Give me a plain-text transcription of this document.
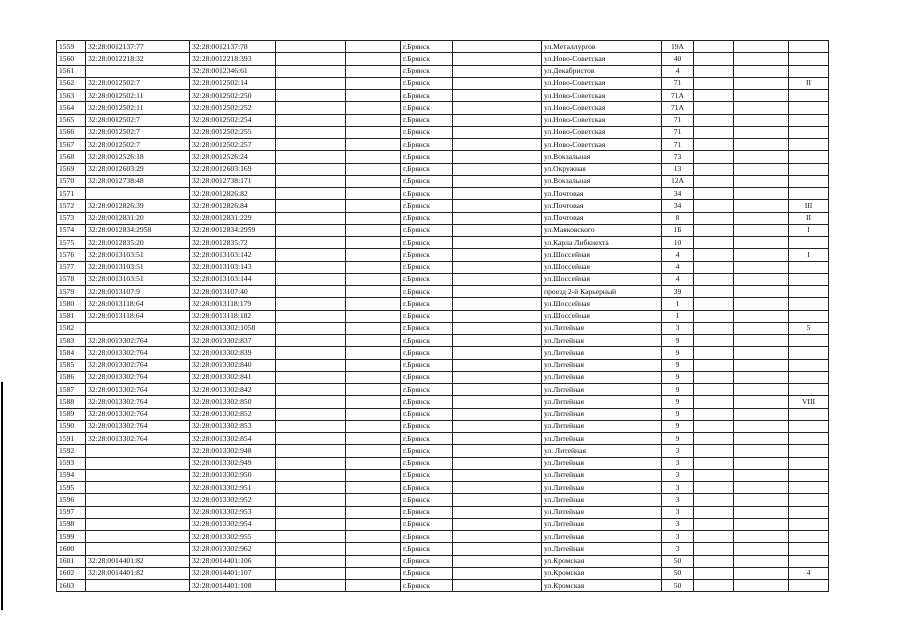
1559	32:28:0012137:77	32:28:0012137:78			г.Брянск		ул.Металлургов	19А			
1560	32:28:0012218:32	32:28:0012218:393			г.Брянск		ул.Ново-Советская	40			
1561		32:28:0012346:61			г.Брянск		ул.Декабристов	4			
1562	32:28:0012502:7	32:28:0012502:14			г.Брянск		ул.Ново-Советская	71			II
1563	32:28:0012502:11	32:28:0012502:250			г.Брянск		ул.Ново-Советская	71А			
1564	32:28:0012502:11	32:28:0012502:252			г.Брянск		ул.Ново-Советская	71А			
1565	32:28:0012502:7	32:28:0012502:254			г.Брянск		ул.Ново-Советская	71			
1566	32:28:0012502:7	32:28:0012502:255			г.Брянск		ул.Ново-Советская	71			
1567	32:28:0012502:7	32:28:0012502:257			г.Брянск		ул.Ново-Советская	71			
1568	32:28:0012526:18	32:28:0012526:24			г.Брянск		ул.Вокзальная	73			
1569	32:28:0012603:29	32:28:0012603:169			г.Брянск		ул.Окружная	13			
1570	32:28:0012738:48	32:28:0012738:171			г.Брянск		ул.Вокзальная	12А			
1571		32:28:0012826:82			г.Брянск		ул.Почтовая	34			
1572	32:28:0012826:39	32:28:0012826:84			г.Брянск		ул.Почтовая	34			III
1573	32:28:0012831:20	32:28:0012831:229			г.Брянск		ул.Почтовая	8			II
1574	32:28:0012834:2958	32:28:0012834:2959			г.Брянск		ул.Маяковского	1Б			I
1575	32:28:0012835:20	32:28:0012835:72			г.Брянск		ул.Карла Либкнехта	10			
1576	32:28:0013103:51	32:28:0013103:142			г.Брянск		ул.Шоссейная	4			I
1577	32:28:0013103:51	32:28:0013103:143			г.Брянск		ул.Шоссейная	4			
1578	32:28:0013103:51	32:28:0013103:144			г.Брянск		ул.Шоссейная	4			
1579	32:28:0013107:9	32:28:0013107:40			г.Брянск		проезд 2-й Карьерный	39			
1580	32:28:0013118:64	32:28:0013118:179			г.Брянск		ул.Шоссейная	1			
1581	32:28:0013118:64	32:28:0013118:182			г.Брянск		ул.Шоссейная	1			
1582		32:28:0013302:1058			г.Брянск		ул.Литейная	3			5
1583	32:28:0013302:764	32:28:0013302:837			г.Брянск		ул.Литейная	9			
1584	32:28:0013302:764	32:28:0013302:839			г.Брянск		ул.Литейная	9			
1585	32:28:0013302:764	32:28:0013302:840			г.Брянск		ул.Литейная	9			
1586	32:28:0013302:764	32:28:0013302:841			г.Брянск		ул.Литейная	9			
1587	32:28:0013302:764	32:28:0013302:842			г.Брянск		ул.Литейная	9			
1588	32:28:0013302:764	32:28:0013302:850			г.Брянск		ул.Литейная	9			VIII
1589	32:28:0013302:764	32:28:0013302:852			г.Брянск		ул.Литейная	9			
1590	32:28:0013302:764	32:28:0013302:853			г.Брянск		ул.Литейная	9			
1591	32:28:0013302:764	32:28:0013302:854			г.Брянск		ул.Литейная	9			
1592		32:28:0013302:948			г.Брянск		ул. Литейная	3			
1593		32:28:0013302:949			г.Брянск		ул.Литейная	3			
1594		32:28:0013302:950			г.Брянск		ул.Литейная	3			
1595		32:28:0013302:951			г.Брянск		ул.Литейная	3			
1596		32:28:0013302:952			г.Брянск		ул.Литейная	3			
1597		32:28:0013302:953			г.Брянск		ул.Литейная	3			
1598		32:28:0013302:954			г.Брянск		ул.Литейная	3			
1599		32:28:0013302:955			г.Брянск		ул.Литейная	3			
1600		32:28:0013302:962			г.Брянск		ул.Литейная	3			
1601	32:28:0014401:82	32:28:0014401:106			г.Брянск		ул.Кромская	50			
1602	32:28:0014401:82	32:28:0014401:107			г.Брянск		ул.Кромская	50			4
1603		32:28:0014401:108			г.Брянск		ул.Кромская	50			
